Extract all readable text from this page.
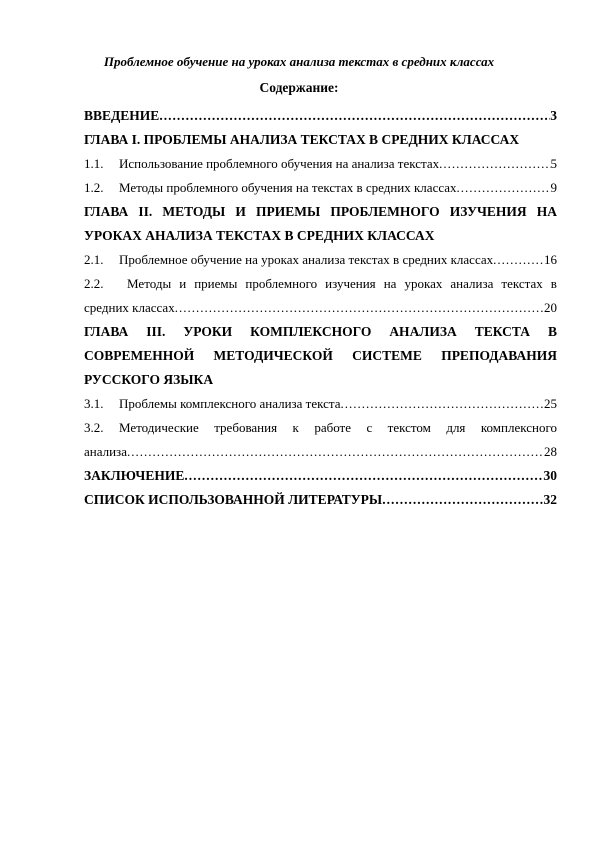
Проблемное обучение на уроках анализа текстах в средних классах
Содержание:
ВВЕДЕНИЕ .....	3
ГЛАВА I. ПРОБЛЕМЫ АНАЛИЗА ТЕКСТАХ В СРЕДНИХ КЛАССАХ
1.1.	Использование проблемного обучения на анализа текстах .....	5
1.2.	Методы проблемного обучения на текстах в средних классах .....	9
ГЛАВА II. МЕТОДЫ И ПРИЕМЫ ПРОБЛЕМНОГО ИЗУЧЕНИЯ НА
УРОКАХ АНАЛИЗА ТЕКСТАХ В СРЕДНИХ КЛАССАХ
2.1.	Проблемное обучение на уроках анализа текстах в средних классах .....	16
2.2.	Методы и приемы проблемного изучения на уроках анализа текстах в
средних классах .....	20
ГЛАВА III. УРОКИ КОМПЛЕКСНОГО АНАЛИЗА ТЕКСТА В
СОВРЕМЕННОЙ МЕТОДИЧЕСКОЙ СИСТЕМЕ ПРЕПОДАВАНИЯ
РУССКОГО ЯЗЫКА
3.1.	Проблемы комплексного анализа текста .....	25
3.2. Методические требования к работе с текстом для комплексного
анализа .....	28
ЗАКЛЮЧЕНИЕ .....	30
СПИСОК ИСПОЛЬЗОВАННОЙ ЛИТЕРАТУРЫ .....	32
